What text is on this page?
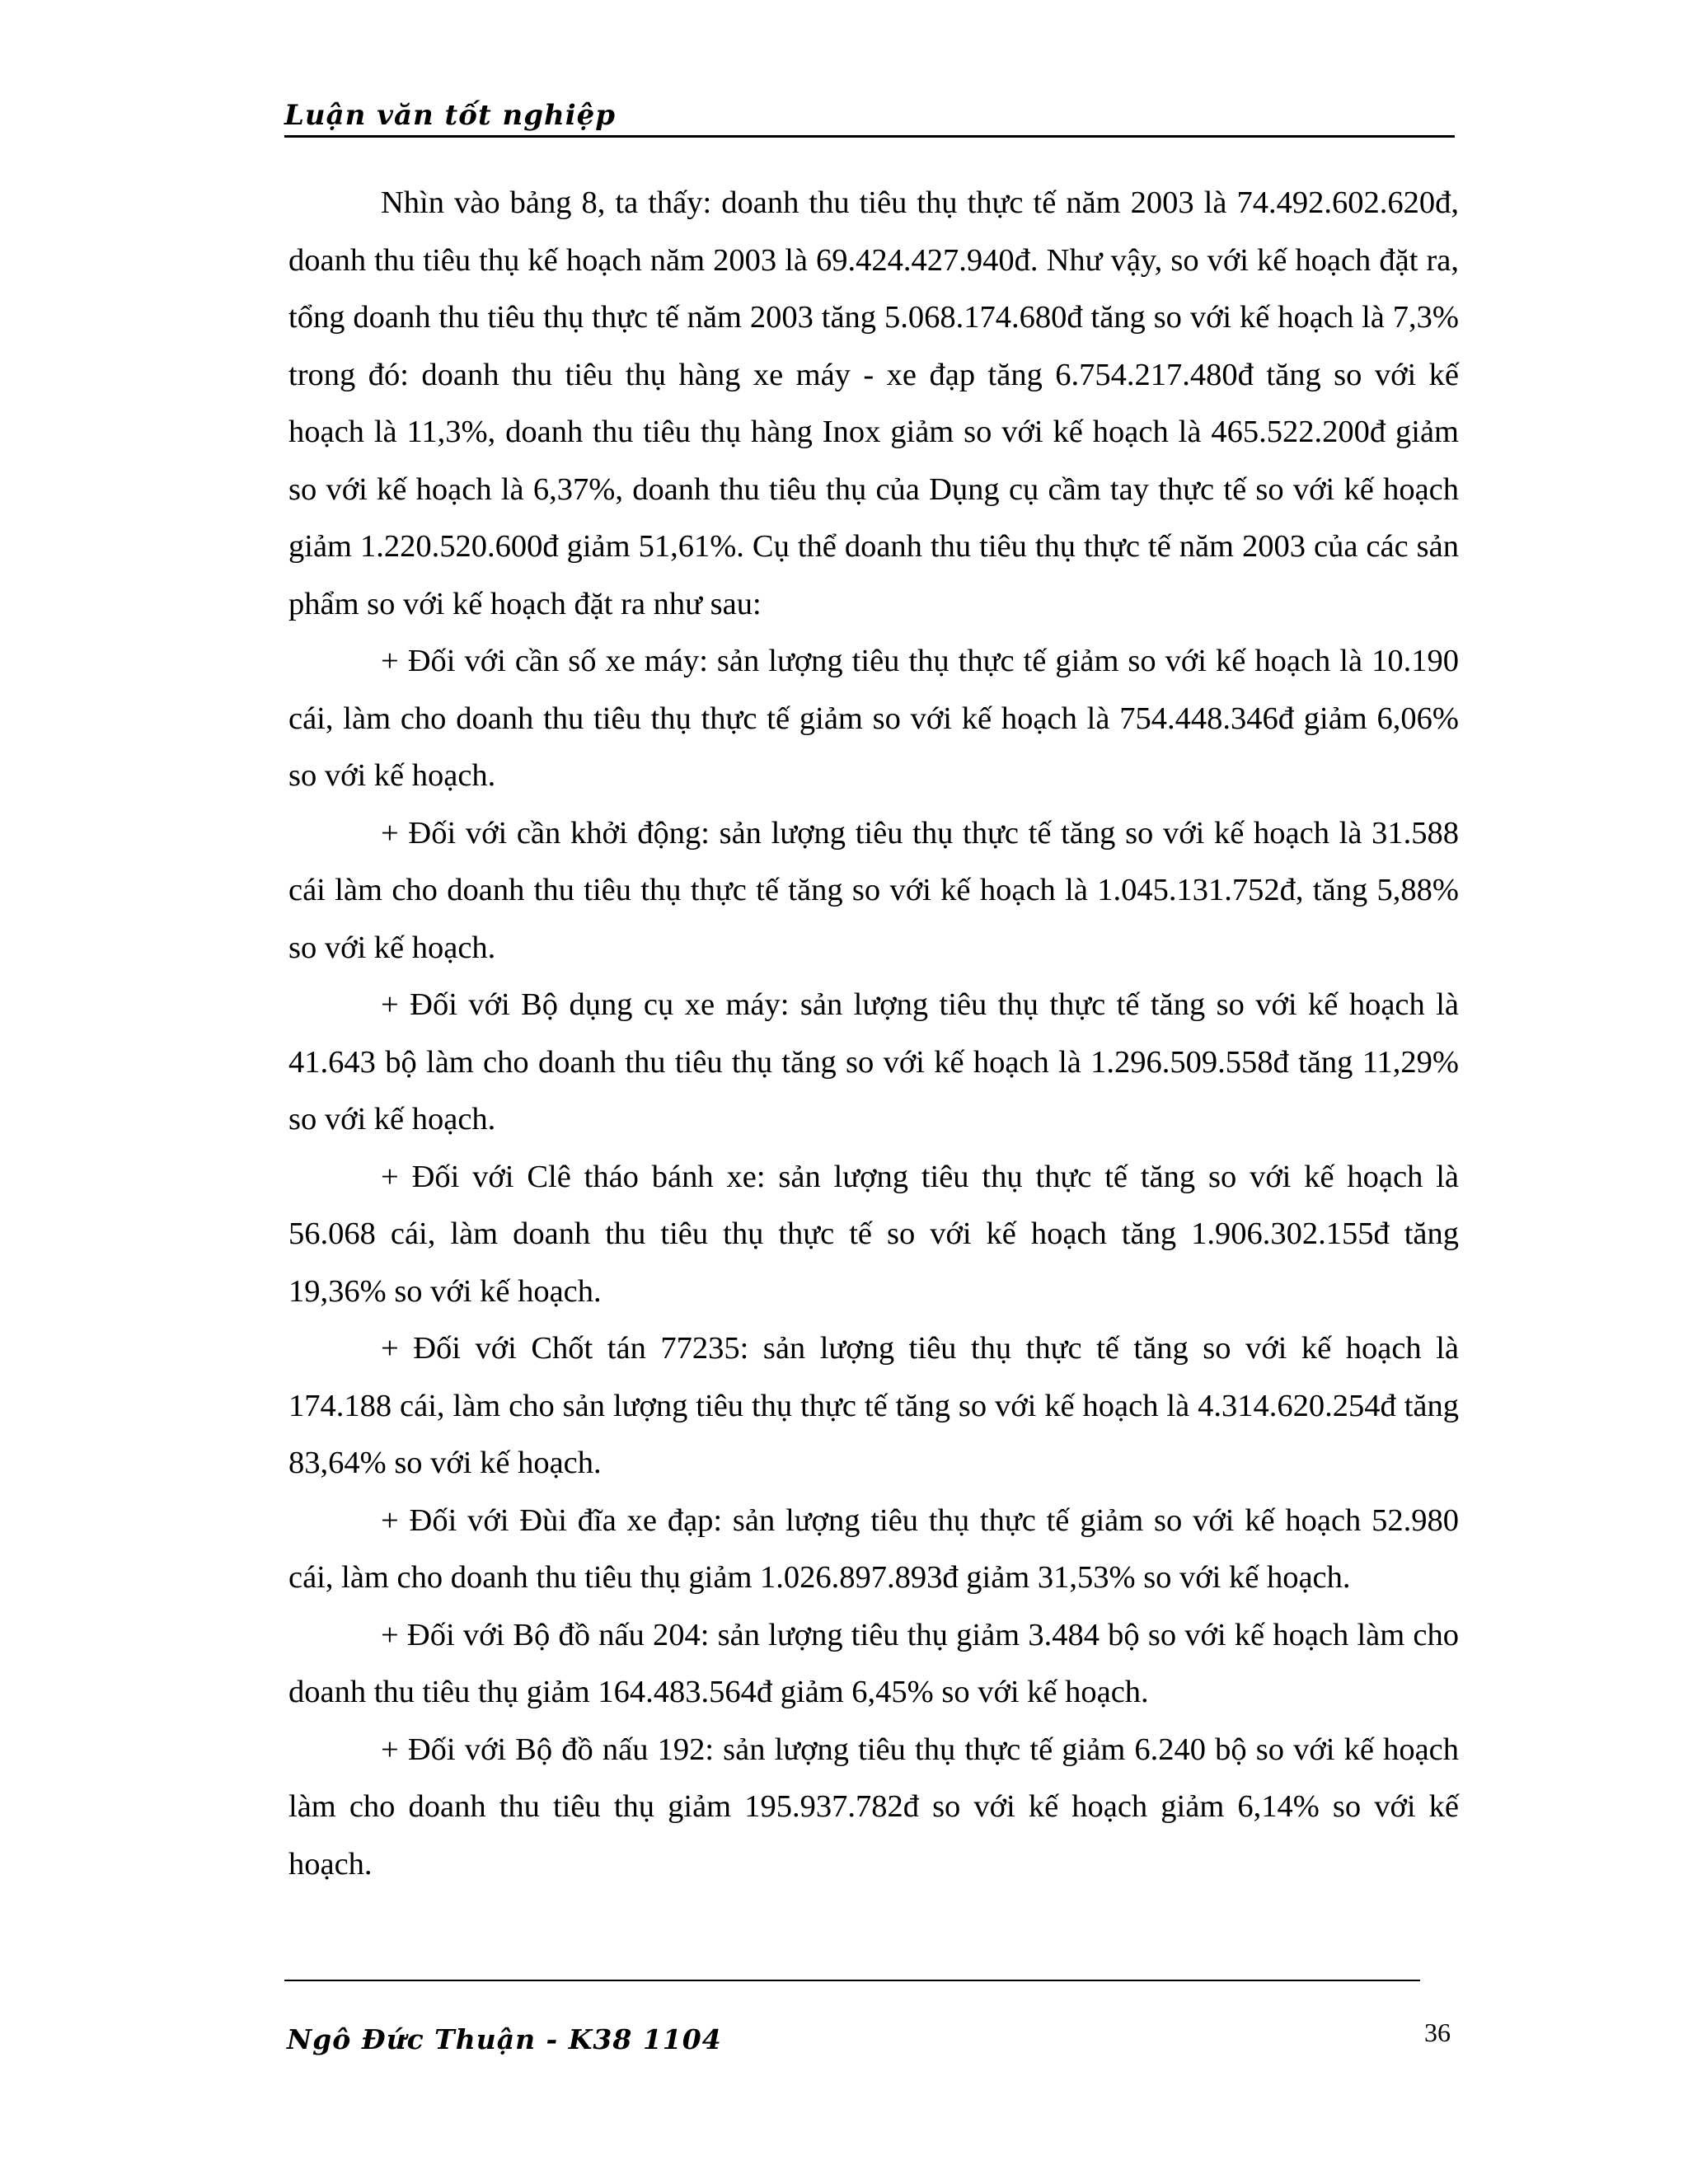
Luận văn tốt nghiệp

Nhìn vào bảng 8, ta thấy: doanh thu tiêu thụ thực tế năm 2003 là 74.492.602.620đ, doanh thu tiêu thụ kế hoạch năm 2003 là 69.424.427.940đ. Như vậy, so với kế hoạch đặt ra, tổng doanh thu tiêu thụ thực tế năm 2003 tăng 5.068.174.680đ tăng so với kế hoạch là 7,3% trong đó: doanh thu tiêu thụ hàng xe máy - xe đạp tăng 6.754.217.480đ tăng so với kế hoạch là 11,3%, doanh thu tiêu thụ hàng Inox giảm so với kế hoạch là 465.522.200đ giảm so với kế hoạch là 6,37%, doanh thu tiêu thụ của Dụng cụ cầm tay thực tế so với kế hoạch giảm 1.220.520.600đ giảm 51,61%. Cụ thể doanh thu tiêu thụ thực tế năm 2003 của các sản phẩm so với kế hoạch đặt ra như sau:

+ Đối với cần số xe máy: sản lượng tiêu thụ thực tế giảm so với kế hoạch là 10.190 cái, làm cho doanh thu tiêu thụ thực tế giảm so với kế hoạch là 754.448.346đ giảm 6,06% so với kế hoạch.

+ Đối với cần khởi động: sản lượng tiêu thụ thực tế tăng so với kế hoạch là 31.588 cái làm cho doanh thu tiêu thụ thực tế tăng so với kế hoạch là 1.045.131.752đ, tăng 5,88% so với kế hoạch.

+ Đối với Bộ dụng cụ xe máy: sản lượng tiêu thụ thực tế tăng so với kế hoạch là 41.643 bộ làm cho doanh thu tiêu thụ tăng so với kế hoạch là 1.296.509.558đ tăng 11,29% so với kế hoạch.

+ Đối với Clê tháo bánh xe: sản lượng tiêu thụ thực tế tăng so với kế hoạch là 56.068 cái, làm doanh thu tiêu thụ thực tế so với kế hoạch tăng 1.906.302.155đ tăng 19,36% so với kế hoạch.

+ Đối với Chốt tán 77235: sản lượng tiêu thụ thực tế tăng so với kế hoạch là 174.188 cái, làm cho sản lượng tiêu thụ thực tế tăng so với kế hoạch là 4.314.620.254đ tăng 83,64% so với kế hoạch.

+ Đối với Đùi đĩa xe đạp: sản lượng tiêu thụ thực tế giảm so với kế hoạch 52.980 cái, làm cho doanh thu tiêu thụ giảm 1.026.897.893đ giảm 31,53% so với kế hoạch.

+ Đối với Bộ đồ nấu 204: sản lượng tiêu thụ giảm 3.484 bộ so với kế hoạch làm cho doanh thu tiêu thụ giảm 164.483.564đ giảm 6,45% so với kế hoạch.

+ Đối với Bộ đồ nấu 192: sản lượng tiêu thụ thực tế giảm 6.240 bộ so với kế hoạch làm cho doanh thu tiêu thụ giảm 195.937.782đ so với kế hoạch giảm 6,14% so với kế hoạch.

Ngô Đức Thuận - K38 1104	36
